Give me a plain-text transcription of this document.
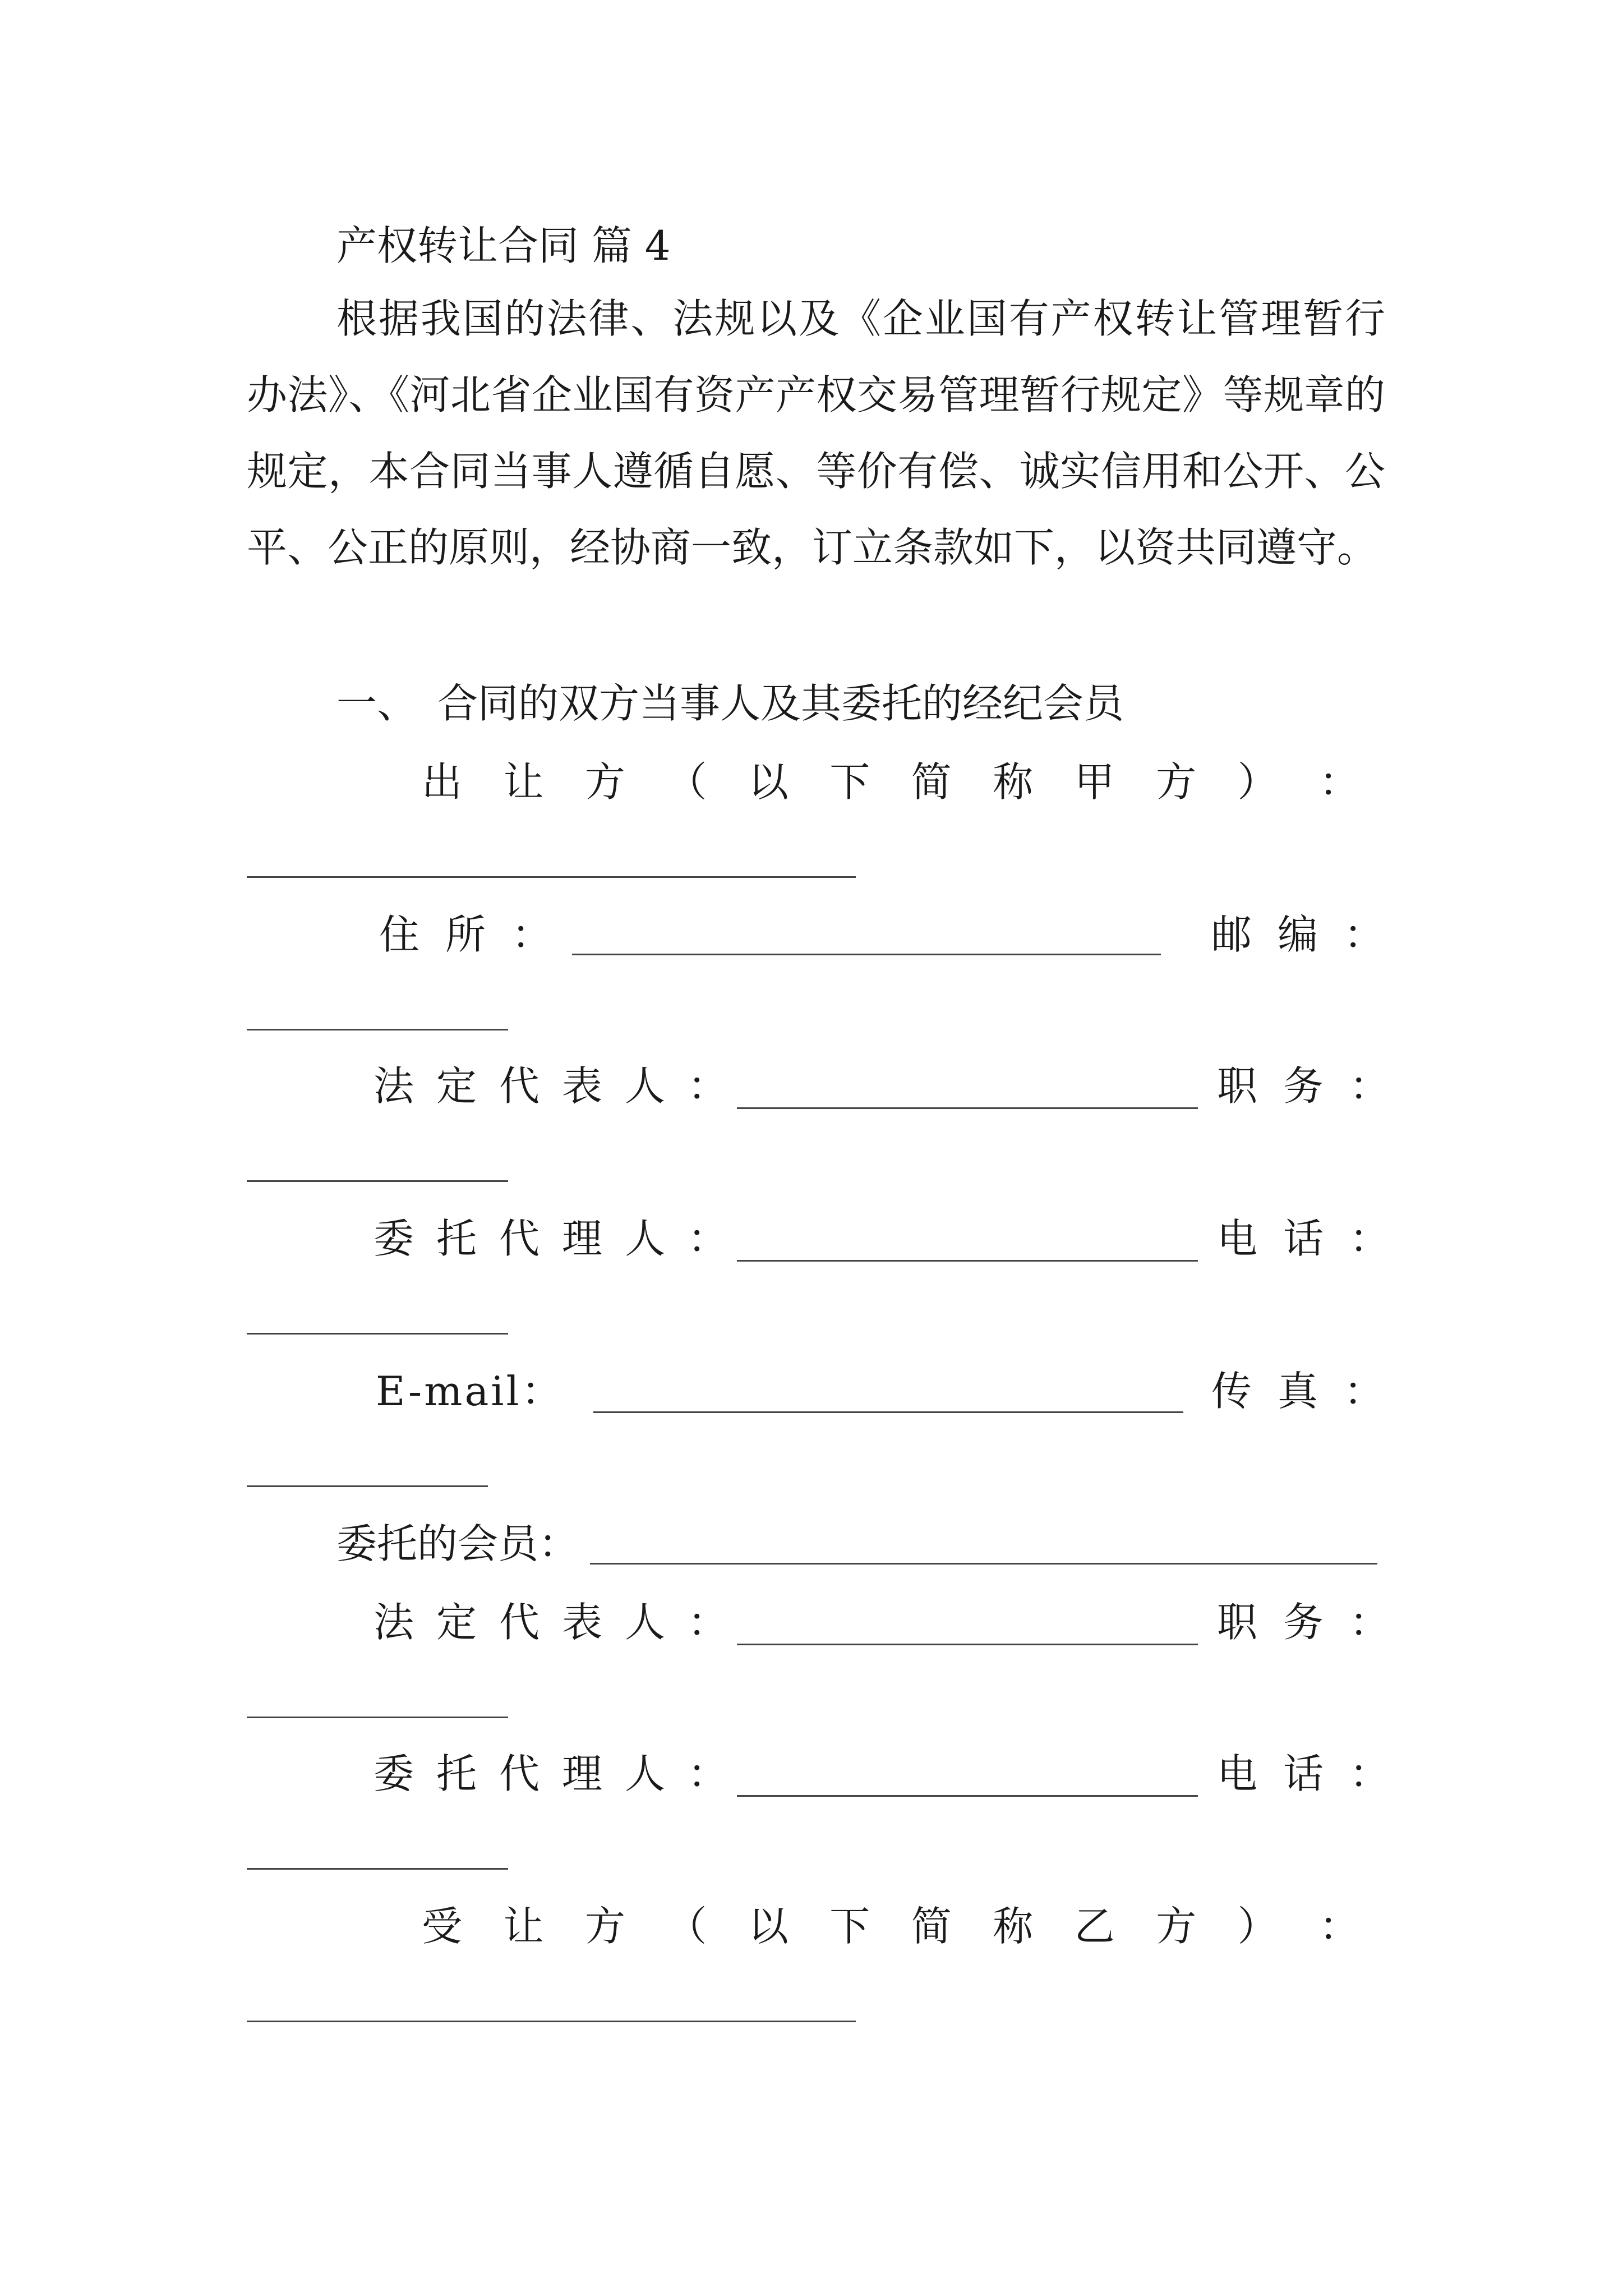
产权转让合同 篇 4
根据我国的法律、法规以及《企业国有产权转让管理暂行办法》、《河北省企业国有资产产权交易管理暂行规定》等规章的规定，本合同当事人遵循自愿、等价有偿、诚实信用和公开、公平、公正的原则，经协商一致，订立条款如下，以资共同遵守。
一、　合同的双方当事人及其委托的经纪会员
出 让 方 （ 以 下 简 称 甲 方 ） ：
住所：	邮编：
法定代表人：	职务：
委托代理人：	电话：
E-mail：	传真：
委托的会员：
法定代表人：	职务：
委托代理人：	电话：
受 让 方 （ 以 下 简 称 乙 方 ） ：
